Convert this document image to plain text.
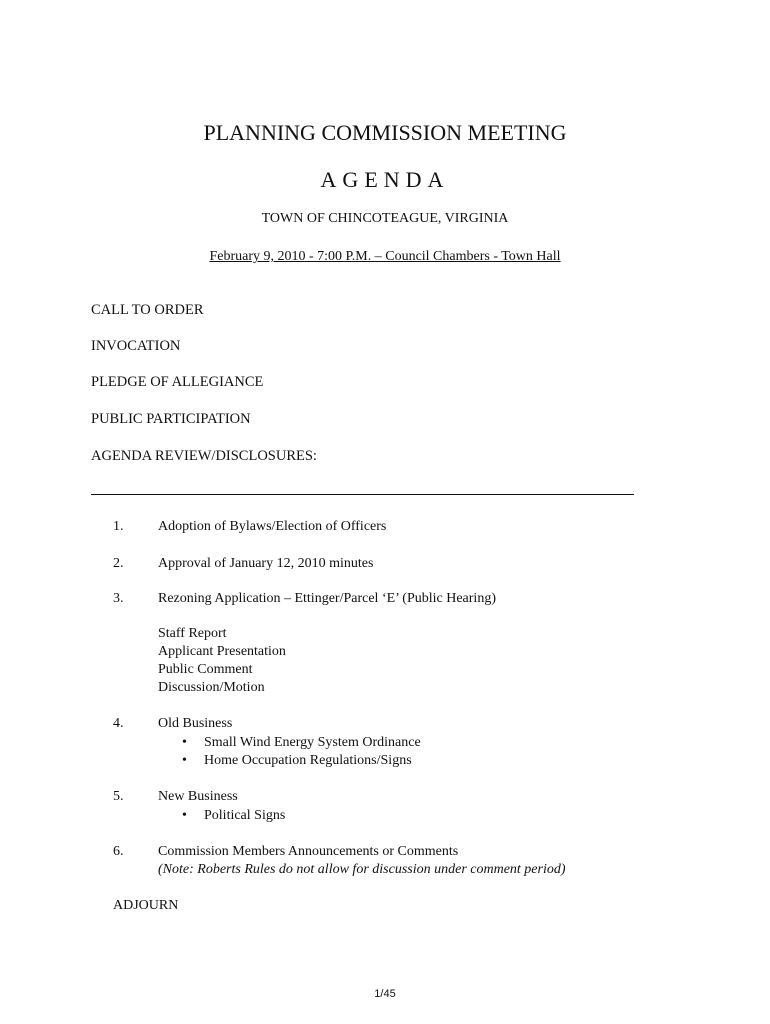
PLANNING COMMISSION MEETING
AGENDA
TOWN OF CHINCOTEAGUE, VIRGINIA
February 9, 2010 - 7:00 P.M. – Council Chambers - Town Hall
CALL TO ORDER
INVOCATION
PLEDGE OF ALLEGIANCE
PUBLIC PARTICIPATION
AGENDA REVIEW/DISCLOSURES:
1. Adoption of Bylaws/Election of Officers
2. Approval of January 12, 2010 minutes
3. Rezoning Application – Ettinger/Parcel ‘E’ (Public Hearing)
Staff Report
Applicant Presentation
Public Comment
Discussion/Motion
4. Old Business
• Small Wind Energy System Ordinance
• Home Occupation Regulations/Signs
5. New Business
• Political Signs
6. Commission Members Announcements or Comments
(Note: Roberts Rules do not allow for discussion under comment period)
ADJOURN
1/45
